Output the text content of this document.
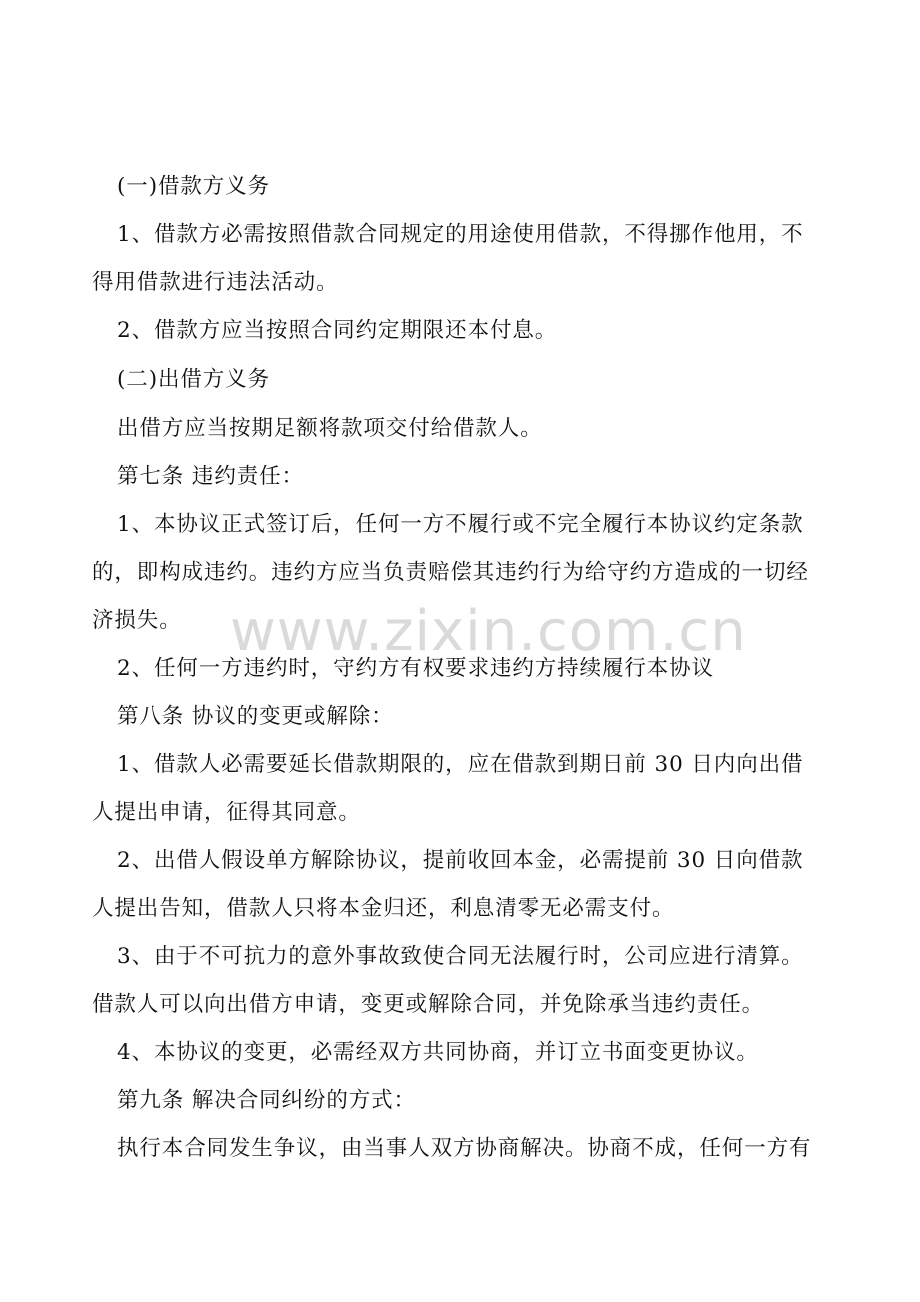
(一)借款方义务
1、借款方必需按照借款合同规定的用途使用借款，不得挪作他用，不
得用借款进行违法活动。
2、借款方应当按照合同约定期限还本付息。
(二)出借方义务
出借方应当按期足额将款项交付给借款人。
第七条 违约责任：
1、本协议正式签订后，任何一方不履行或不完全履行本协议约定条款
的，即构成违约。违约方应当负责赔偿其违约行为给守约方造成的一切经
济损失。
2、任何一方违约时，守约方有权要求违约方持续履行本协议
第八条 协议的变更或解除：
1、借款人必需要延长借款期限的，应在借款到期日前 30 日内向出借
人提出申请，征得其同意。
2、出借人假设单方解除协议，提前收回本金，必需提前 30 日向借款
人提出告知，借款人只将本金归还，利息清零无必需支付。
3、由于不可抗力的意外事故致使合同无法履行时，公司应进行清算。
借款人可以向出借方申请，变更或解除合同，并免除承当违约责任。
4、本协议的变更，必需经双方共同协商，并订立书面变更协议。
第九条 解决合同纠纷的方式：
执行本合同发生争议，由当事人双方协商解决。协商不成，任何一方有
www.zixin.com.cn
